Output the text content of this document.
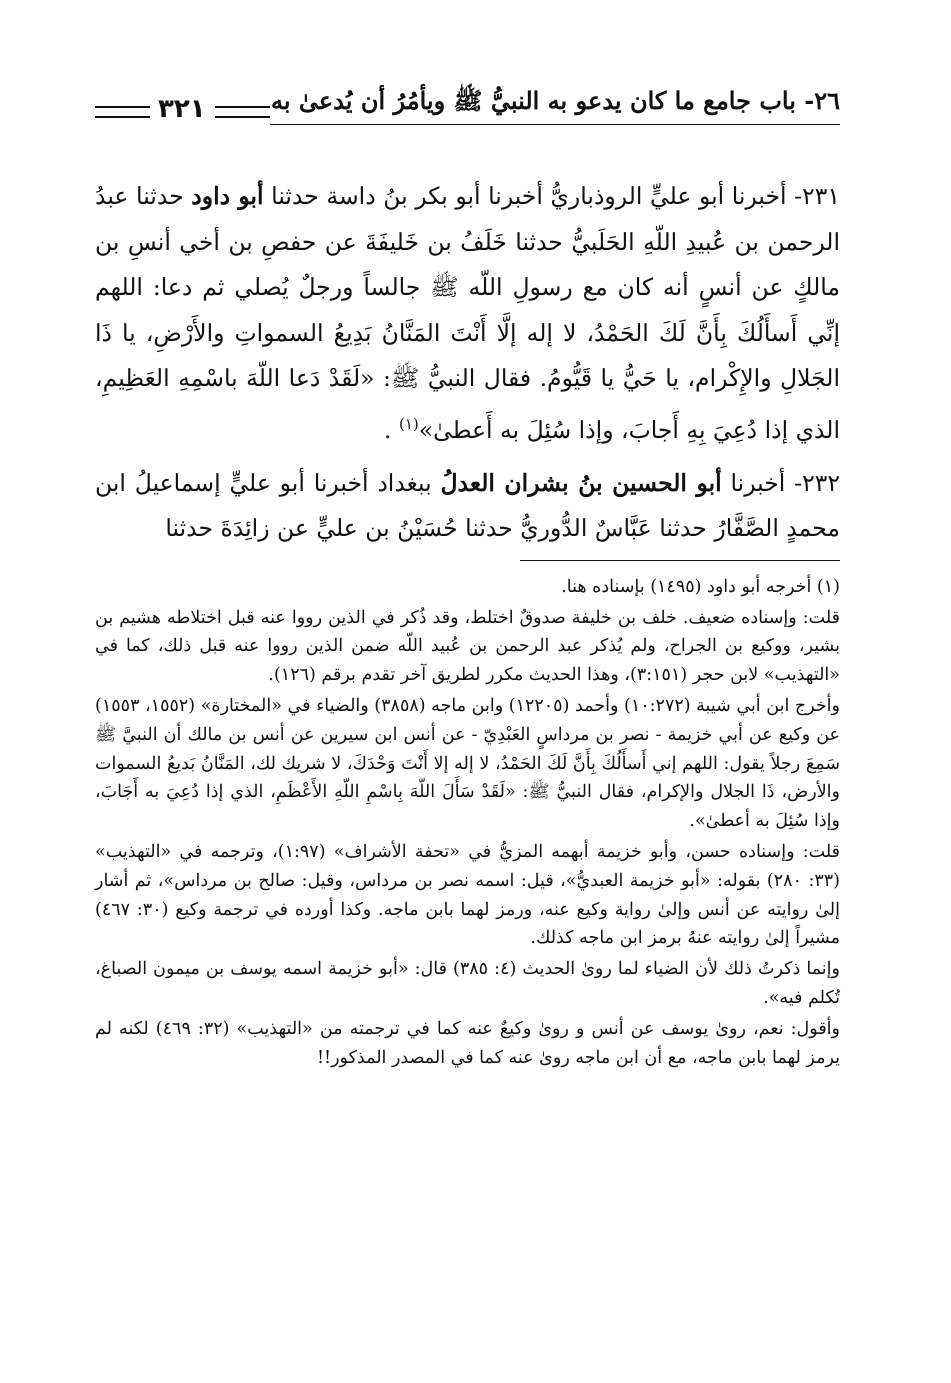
٢٦- باب جامع ما كان يدعو به النبيُّ ﷺ ويأمُرُ أن يُدعىٰ به
٣٢١

٢٣١- أخبرنا أبو عليٍّ الروذباريُّ أخبرنا أبو بكر بنُ داسة حدثنا أبو داود حدثنا عبدُ الرحمن بن عُبيدِ اللّهِ الحَلَبيُّ حدثنا خَلَفُ بن خَليفَةَ عن حفصِ بن أخي أنسِ بن مالكٍ عن أنسٍ أنه كان مع رسولِ اللّه ﷺ جالساً ورجلٌ يُصلي ثم دعا: اللهم إنِّي أَسأَلُكَ بِأَنَّ لَكَ الحَمْدُ، لا إله إلَّا أَنْتَ المَنَّانُ بَدِيعُ السمواتِ والأَرْضِ، يا ذَا الجَلالِ والإِكْرام، يا حَيُّ يا قَيُّومُ. فقال النبيُّ ﷺ: «لَقَدْ دَعا اللّهَ باسْمِهِ العَظِيمِ، الذي إذا دُعِيَ بِهِ أَجابَ، وإذا سُئِلَ به أَعطىٰ»$^{(١)}$ .

٢٣٢- أخبرنا أبو الحسين بنُ بشران العدلُ ببغداد أخبرنا أبو عليٍّ إسماعيلُ ابن محمدٍ الصَّفَّارُ حدثنا عَبَّاسٌ الدُّوريُّ حدثنا حُسَيْنُ بن عليٍّ عن زائِدَةَ حدثنا

(١) أخرجه أبو داود (١٤٩٥) بإسناده هنا.

قلت: وإسناده ضعيف. خلف بن خليفة صدوقٌ اختلط، وقد ذُكر في الذين رووا عنه قبل اختلاطه هشيم بن بشير، ووكيع بن الجراح، ولم يُذكر عبد الرحمن بن عُبيد اللّه ضمن الذين رووا عنه قبل ذلك، كما في «التهذيب» لابن حجر (٣:١٥١)، وهذا الحديث مكرر لطريق آخر تقدم برقم (١٢٦).

وأخرج ابن أبي شيبة (١٠:٢٧٢) وأحمد (١٢٢٠٥) وابن ماجه (٣٨٥٨) والضياء في «المختارة» (١٥٥٢، ١٥٥٣) عن وكيع عن أبي خزيمة - نصر بن مرداسٍ العَبْدِيّ - عن أنس ابن سيرين عن أنس بن مالك أن النبيَّ ﷺ سَمِعَ رجلاً يقول: اللهم إني أَسأَلُكَ بِأَنَّ لَكَ الحَمْدُ، لا إله إلا أَنْتَ وَحْدَكَ، لا شريك لك، المَنَّانُ بَديعُ السموات والأرض، ذَا الجلال والإكرام، فقال النبيُّ ﷺ: «لَقَدْ سَأَلَ اللّهَ بِاسْمِ اللّهِ الأَعْظَمِ، الذي إذا دُعِيَ به أَجَابَ، وإذا سُئِلَ به أعطىٰ».

قلت: وإسناده حسن، وأبو خزيمة أبهمه المزيُّ في «تحفة الأشراف» (١:٩٧)، وترجمه في «التهذيب» (٣٣: ٢٨٠) بقوله: «أبو خزيمة العبديُّ»، قيل: اسمه نصر بن مرداس، وقيل: صالح بن مرداس»، ثم أشار إلىٰ روايته عن أنس وإلىٰ رواية وكيع عنه، ورمز لهما بابن ماجه. وكذا أورده في ترجمة وكيع (٣٠: ٤٦٧) مشيراً إلىٰ روايته عنهُ برمز ابن ماجه كذلك.

وإنما ذكرتُ ذلك لأن الضياء لما روىٰ الحديث (٤: ٣٨٥) قال: «أبو خزيمة اسمه يوسف بن ميمون الصباغ، تُكلم فيه».

وأقول: نعم، روىٰ يوسف عن أنس و روىٰ وكيعٌ عنه كما في ترجمته من «التهذيب» (٣٢: ٤٦٩) لكنه لم يرمز لهما بابن ماجه، مع أن ابن ماجه روىٰ عنه كما في المصدر المذكور!!
